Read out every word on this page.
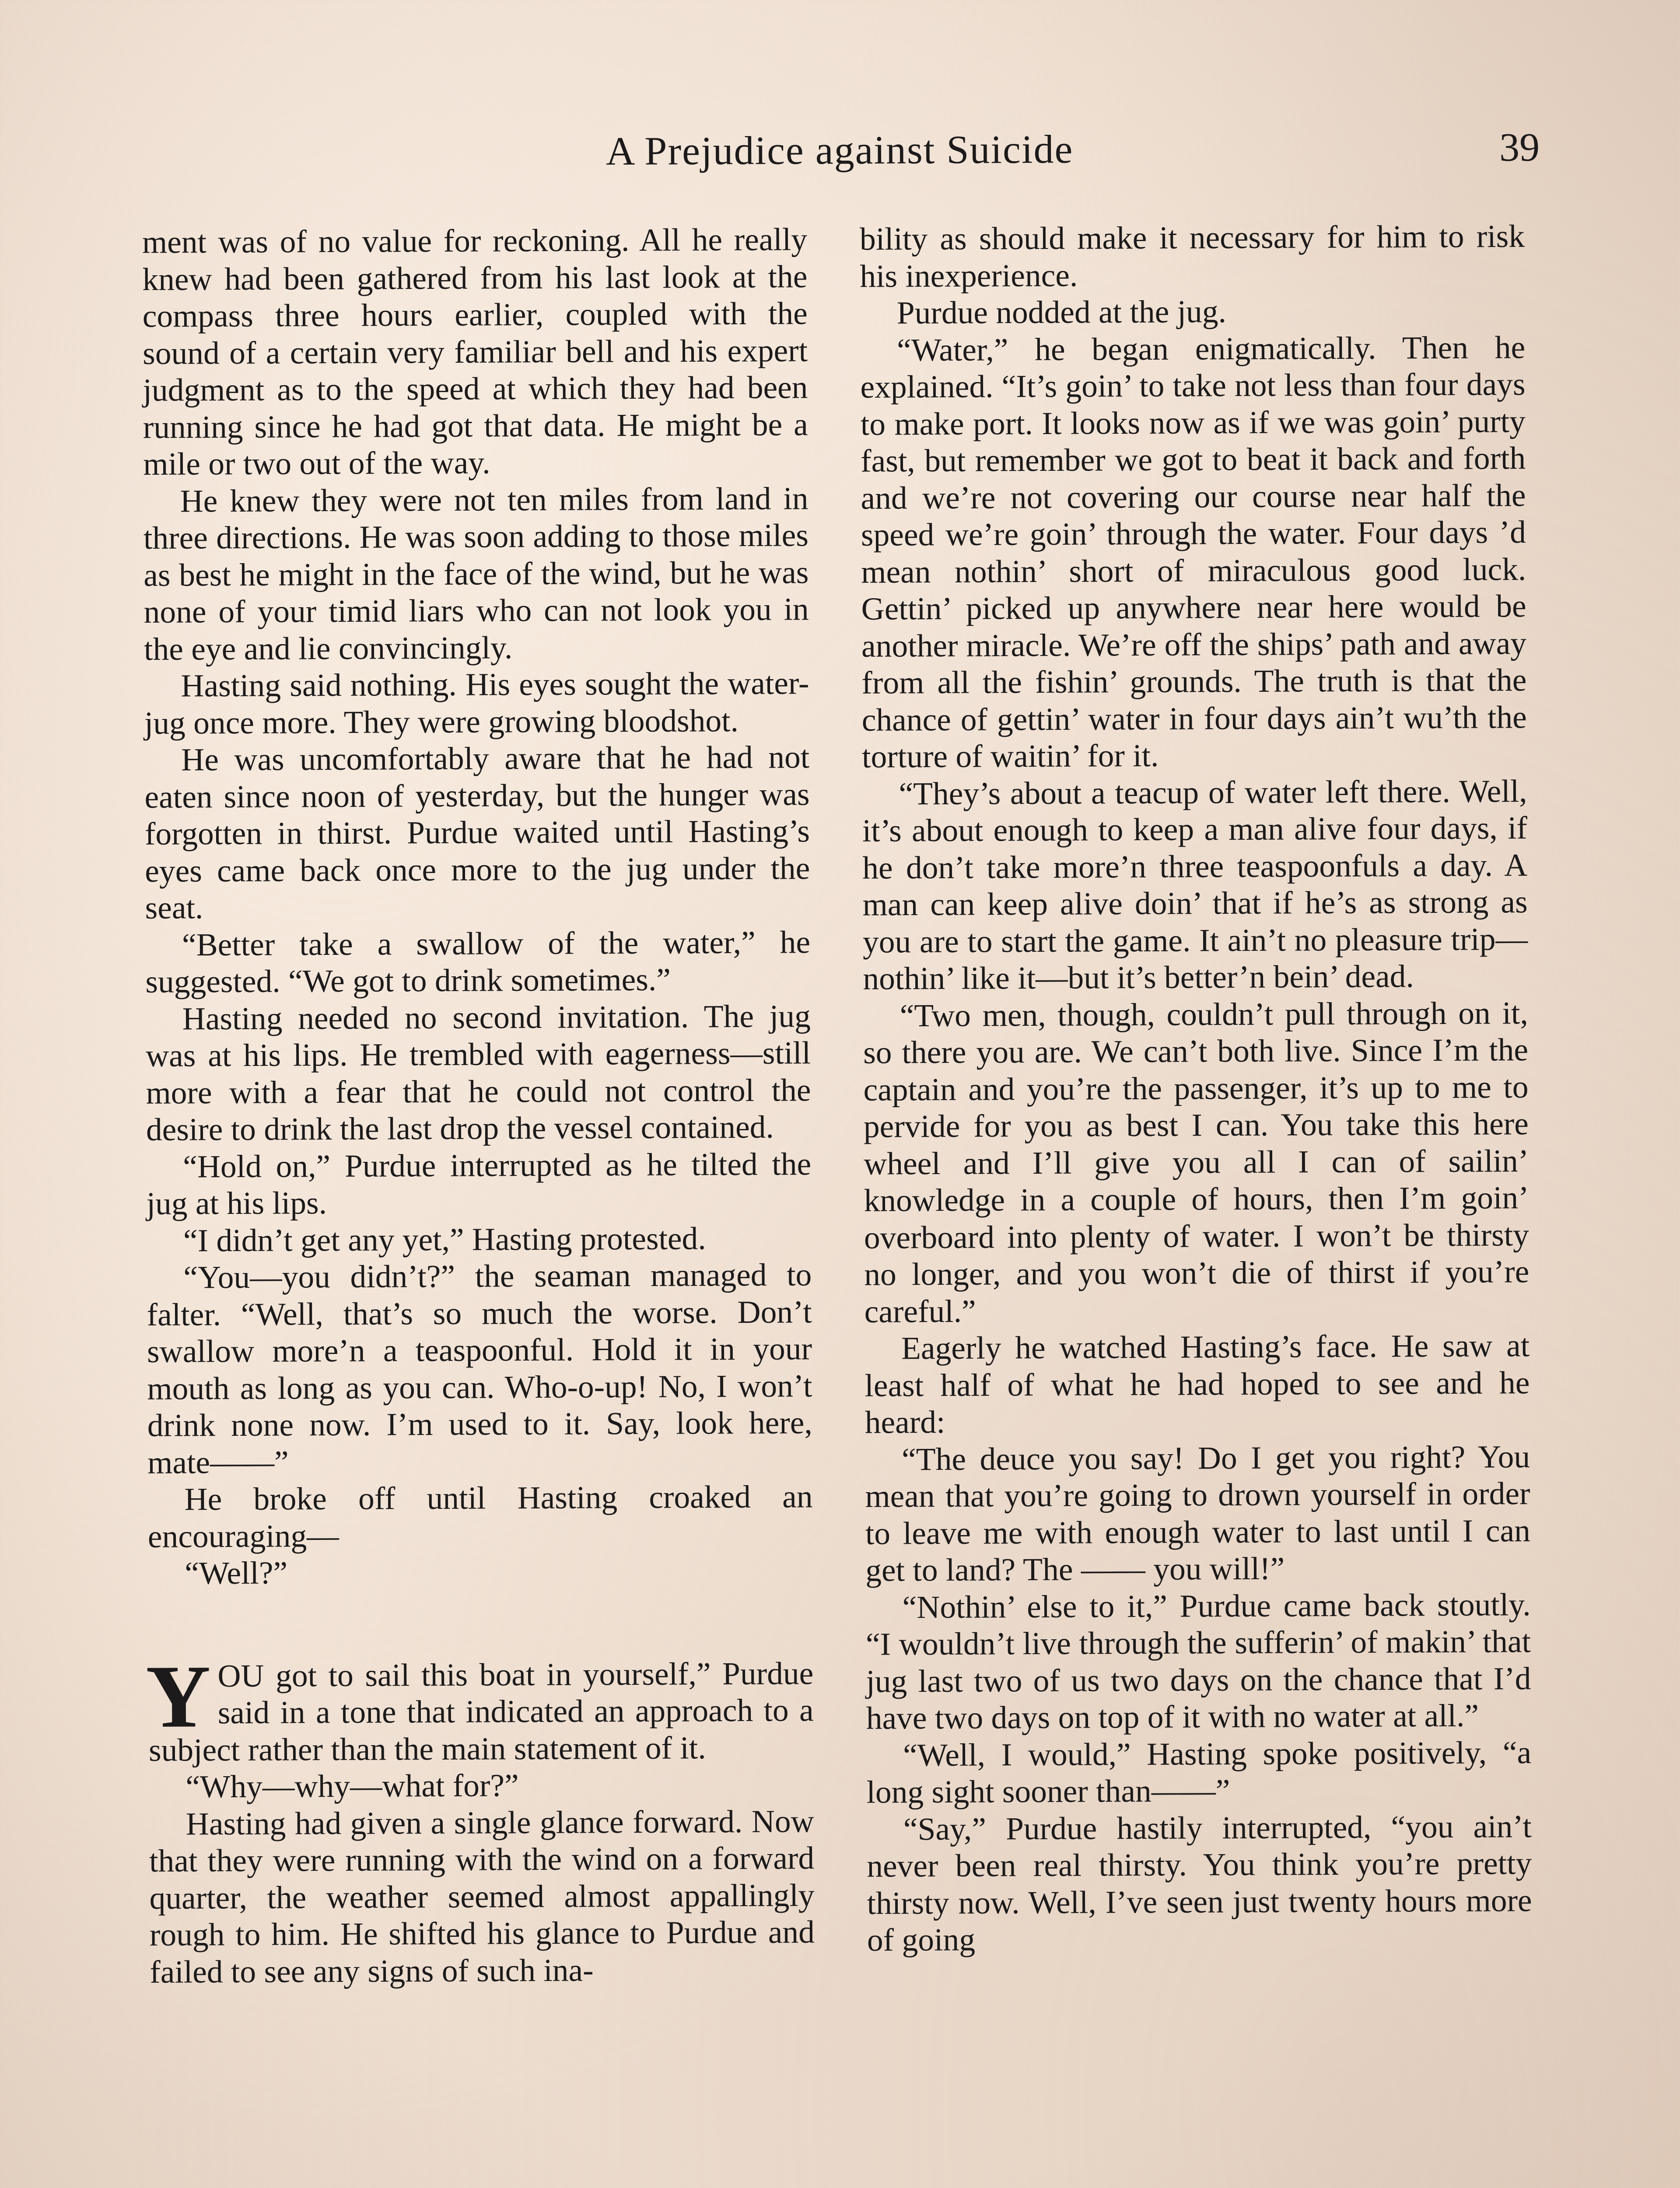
A Prejudice against Suicide	39

ment was of no value for reckoning. All he really knew had been gathered from his last look at the compass three hours earlier, coupled with the sound of a certain very familiar bell and his expert judgment as to the speed at which they had been running since he had got that data. He might be a mile or two out of the way.

He knew they were not ten miles from land in three directions. He was soon adding to those miles as best he might in the face of the wind, but he was none of your timid liars who can not look you in the eye and lie convincingly.

Hasting said nothing. His eyes sought the water-jug once more. They were growing bloodshot.

He was uncomfortably aware that he had not eaten since noon of yesterday, but the hunger was forgotten in thirst. Purdue waited until Hasting’s eyes came back once more to the jug under the seat.

“Better take a swallow of the water,” he suggested. “We got to drink sometimes.”

Hasting needed no second invitation. The jug was at his lips. He trembled with eagerness—still more with a fear that he could not control the desire to drink the last drop the vessel contained.

“Hold on,” Purdue interrupted as he tilted the jug at his lips.

“I didn’t get any yet,” Hasting protested.

“You—you didn’t?” the seaman managed to falter. “Well, that’s so much the worse. Don’t swallow more’n a teaspoonful. Hold it in your mouth as long as you can. Who-o-up! No, I won’t drink none now. I’m used to it. Say, look here, mate——”

He broke off until Hasting croaked an encouraging—

“Well?”

YOU got to sail this boat in yourself,” Purdue said in a tone that indicated an approach to a subject rather than the main statement of it.

“Why—why—what for?”

Hasting had given a single glance forward. Now that they were running with the wind on a forward quarter, the weather seemed almost appallingly rough to him. He shifted his glance to Purdue and failed to see any signs of such ina-

bility as should make it necessary for him to risk his inexperience.

Purdue nodded at the jug.

“Water,” he began enigmatically. Then he explained. “It’s goin’ to take not less than four days to make port. It looks now as if we was goin’ purty fast, but remember we got to beat it back and forth and we’re not covering our course near half the speed we’re goin’ through the water. Four days ’d mean nothin’ short of miraculous good luck. Gettin’ picked up anywhere near here would be another miracle. We’re off the ships’ path and away from all the fishin’ grounds. The truth is that the chance of gettin’ water in four days ain’t wu’th the torture of waitin’ for it.

“They’s about a teacup of water left there. Well, it’s about enough to keep a man alive four days, if he don’t take more’n three teaspoonfuls a day. A man can keep alive doin’ that if he’s as strong as you are to start the game. It ain’t no pleasure trip—nothin’ like it—but it’s better’n bein’ dead.

“Two men, though, couldn’t pull through on it, so there you are. We can’t both live. Since I’m the captain and you’re the passenger, it’s up to me to pervide for you as best I can. You take this here wheel and I’ll give you all I can of sailin’ knowledge in a couple of hours, then I’m goin’ overboard into plenty of water. I won’t be thirsty no longer, and you won’t die of thirst if you’re careful.”

Eagerly he watched Hasting’s face. He saw at least half of what he had hoped to see and he heard:

“The deuce you say! Do I get you right? You mean that you’re going to drown yourself in order to leave me with enough water to last until I can get to land? The —— you will!”

“Nothin’ else to it,” Purdue came back stoutly. “I wouldn’t live through the sufferin’ of makin’ that jug last two of us two days on the chance that I’d have two days on top of it with no water at all.”

“Well, I would,” Hasting spoke positively, “a long sight sooner than——”

“Say,” Purdue hastily interrupted, “you ain’t never been real thirsty. You think you’re pretty thirsty now. Well, I’ve seen just twenty hours more of going
